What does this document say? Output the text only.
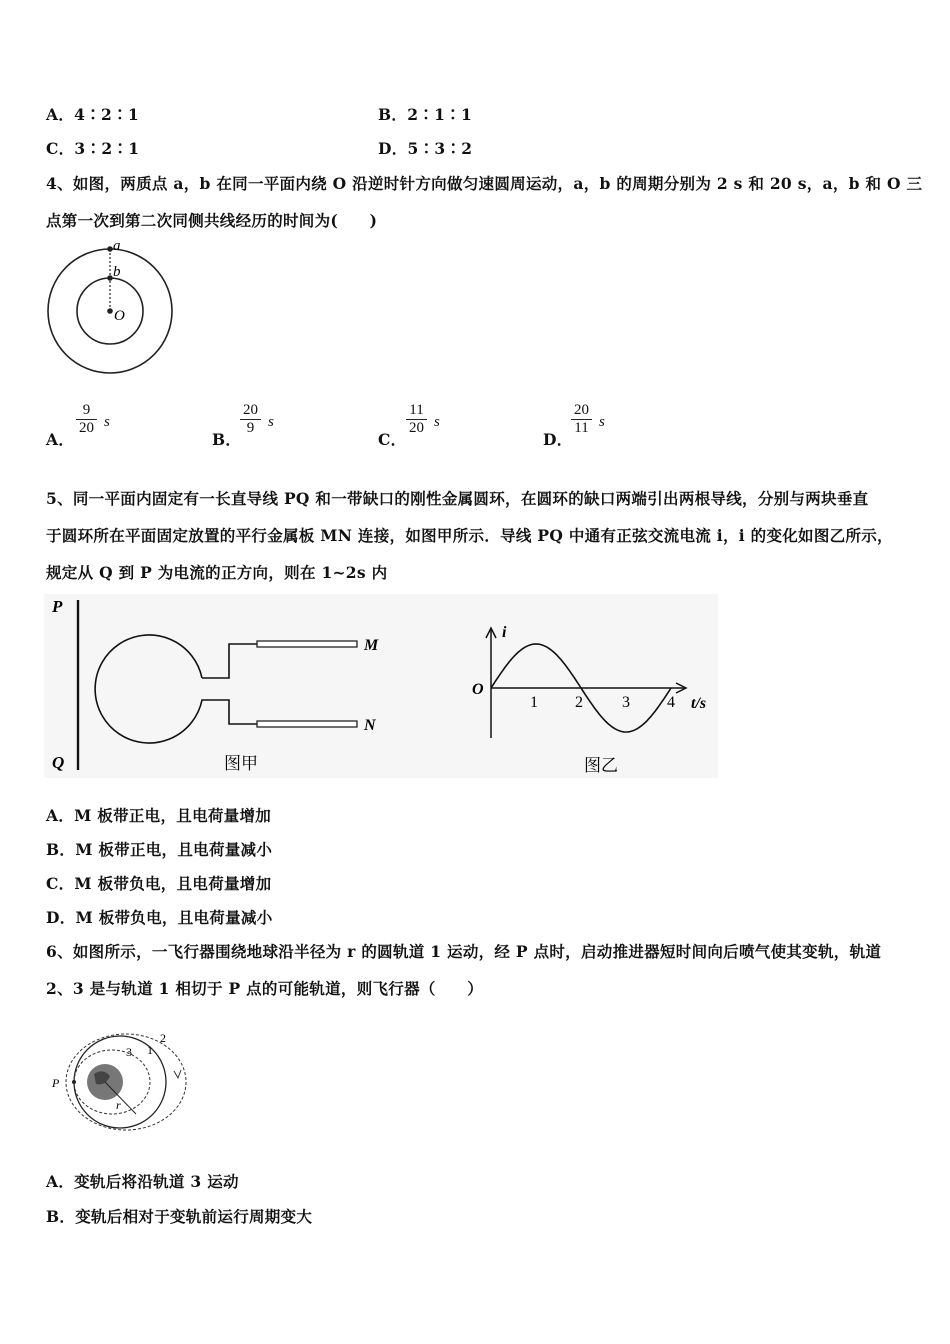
A．4∶2∶1	B．2∶1∶1
C．3∶2∶1	D．5∶3∶2
4、如图，两质点 a，b 在同一平面内绕 O 沿逆时针方向做匀速圆周运动，a，b 的周期分别为 2 s 和 20 s，a，b 和 O 三
点第一次到第二次同侧共线经历的时间为(　　)
a
b
O
A．
$\frac{9}{20}$ s
B．
$\frac{20}{9}$ s
C．
$\frac{11}{20}$ s
D．
$\frac{20}{11}$ s
5、同一平面内固定有一长直导线 PQ 和一带缺口的刚性金属圆环，在圆环的缺口两端引出两根导线，分别与两块垂直
于圆环所在平面固定放置的平行金属板 MN 连接，如图甲所示．导线 PQ 中通有正弦交流电流 i，i 的变化如图乙所示，
规定从 Q 到 P 为电流的正方向，则在 1~2s 内
P
Q
M
N
图甲
i
O
t/s
1 2 3 4
图乙
A．M 板带正电，且电荷量增加
B．M 板带正电，且电荷量减小
C．M 板带负电，且电荷量增加
D．M 板带负电，且电荷量减小
6、如图所示，一飞行器围绕地球沿半径为 r 的圆轨道 1 运动，经 P 点时，启动推进器短时间向后喷气使其变轨，轨道
2、3 是与轨道 1 相切于 P 点的可能轨道，则飞行器（　　）
P
r
1
2
3
A．变轨后将沿轨道 3 运动
B．变轨后相对于变轨前运行周期变大
